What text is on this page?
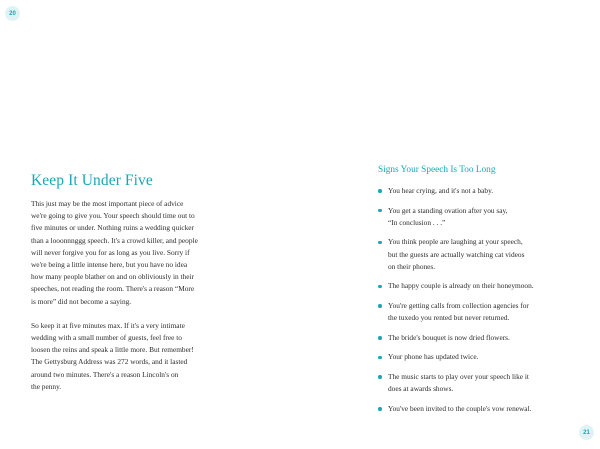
20
Keep It Under Five

This just may be the most important piece of advice
we're going to give you. Your speech should time out to
five minutes or under. Nothing ruins a wedding quicker
than a looonnnggg speech. It's a crowd killer, and people
will never forgive you for as long as you live. Sorry if
we're being a little intense here, but you have no idea
how many people blather on and on obliviously in their
speeches, not reading the room. There's a reason “More
is more” did not become a saying.

So keep it at five minutes max. If it's a very intimate
wedding with a small number of guests, feel free to
loosen the reins and speak a little more. But remember!
The Gettysburg Address was 272 words, and it lasted
around two minutes. There's a reason Lincoln's on
the penny.

Signs Your Speech Is Too Long
You hear crying, and it's not a baby.
You get a standing ovation after you say,
“In conclusion . . .”
You think people are laughing at your speech,
but the guests are actually watching cat videos
on their phones.
The happy couple is already on their honeymoon.
You're getting calls from collection agencies for
the tuxedo you rented but never returned.
The bride's bouquet is now dried flowers.
Your phone has updated twice.
The music starts to play over your speech like it
does at awards shows.
You've been invited to the couple's vow renewal.
21
